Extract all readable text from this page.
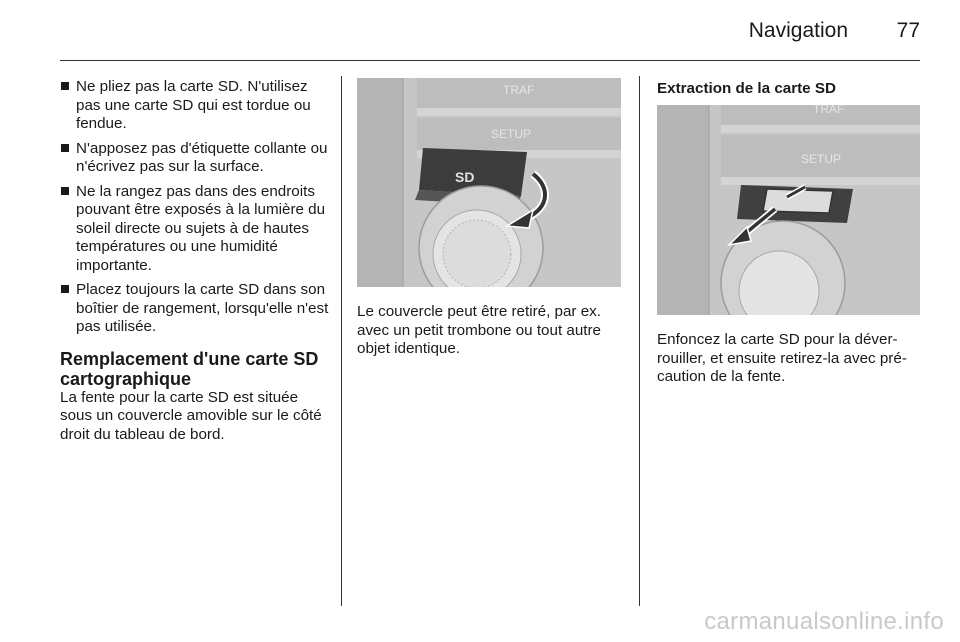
Navigation	77
Ne pliez pas la carte SD. N'utilisez pas une carte SD qui est tordue ou fendue.
N'apposez pas d'étiquette collante ou n'écrivez pas sur la surface.
Ne la rangez pas dans des endroits pouvant être exposés à la lumière du soleil directe ou sujets à de hautes températures ou une humidité importante.
Placez toujours la carte SD dans son boîtier de rangement, lorsqu'elle n'est pas utilisée.
Remplacement d'une carte SD cartographique

La fente pour la carte SD est située sous un couvercle amovible sur le côté droit du tableau de bord.

TRAF
SETUP
SD

Le couvercle peut être retiré, par ex. avec un petit trombone ou tout autre objet identique.

Extraction de la carte SD

TRAF
SETUP

Enfoncez la carte SD pour la déverrouiller, et ensuite retirez-la avec précaution de la fente.

carmanualsonline.info
